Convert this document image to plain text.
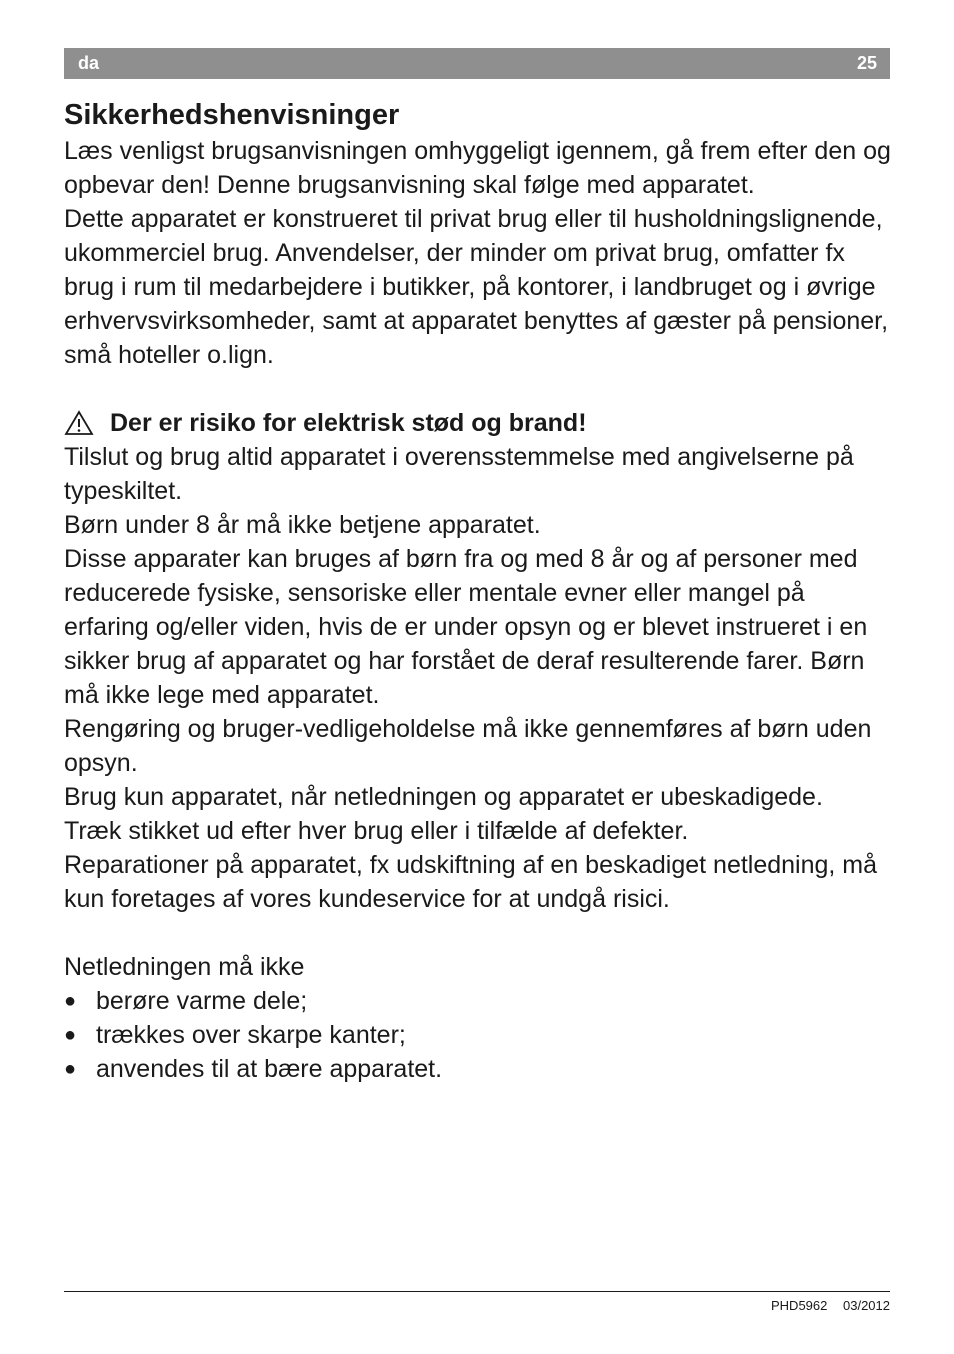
da	25
Sikkerhedshenvisninger

Læs venligst brugsanvisningen omhyggeligt igennem, gå frem efter den og opbevar den! Denne brugsanvisning skal følge med apparatet.

Dette apparatet er konstrueret til privat brug eller til husholdningslignende, ukommerciel brug. Anvendelser, der minder om privat brug, omfatter fx brug i rum til medarbejdere i butikker, på kontorer, i landbruget og i øvrige erhvervsvirksomheder, samt at apparatet benyttes af gæster på pensioner, små hoteller o.lign.

Der er risiko for elektrisk stød og brand!

Tilslut og brug altid apparatet i overensstemmelse med angivelserne på typeskiltet.

Børn under 8 år må ikke betjene apparatet.

Disse apparater kan bruges af børn fra og med 8 år og af personer med reducerede fysiske, sensoriske eller mentale evner eller mangel på erfaring og/eller viden, hvis de er under opsyn og er blevet instrueret i en sikker brug af apparatet og har forstået de deraf resulterende farer. Børn må ikke lege med apparatet.

Rengøring og bruger-vedligeholdelse må ikke gennemføres af børn uden opsyn.

Brug kun apparatet, når netledningen og apparatet er ubeskadigede.

Træk stikket ud efter hver brug eller i tilfælde af defekter.

Reparationer på apparatet, fx udskiftning af en beskadiget netledning, må kun foretages af vores kundeservice for at undgå risici.

Netledningen må ikke

● berøre varme dele;
● trækkes over skarpe kanter;
● anvendes til at bære apparatet.
PHD5962 03/2012
